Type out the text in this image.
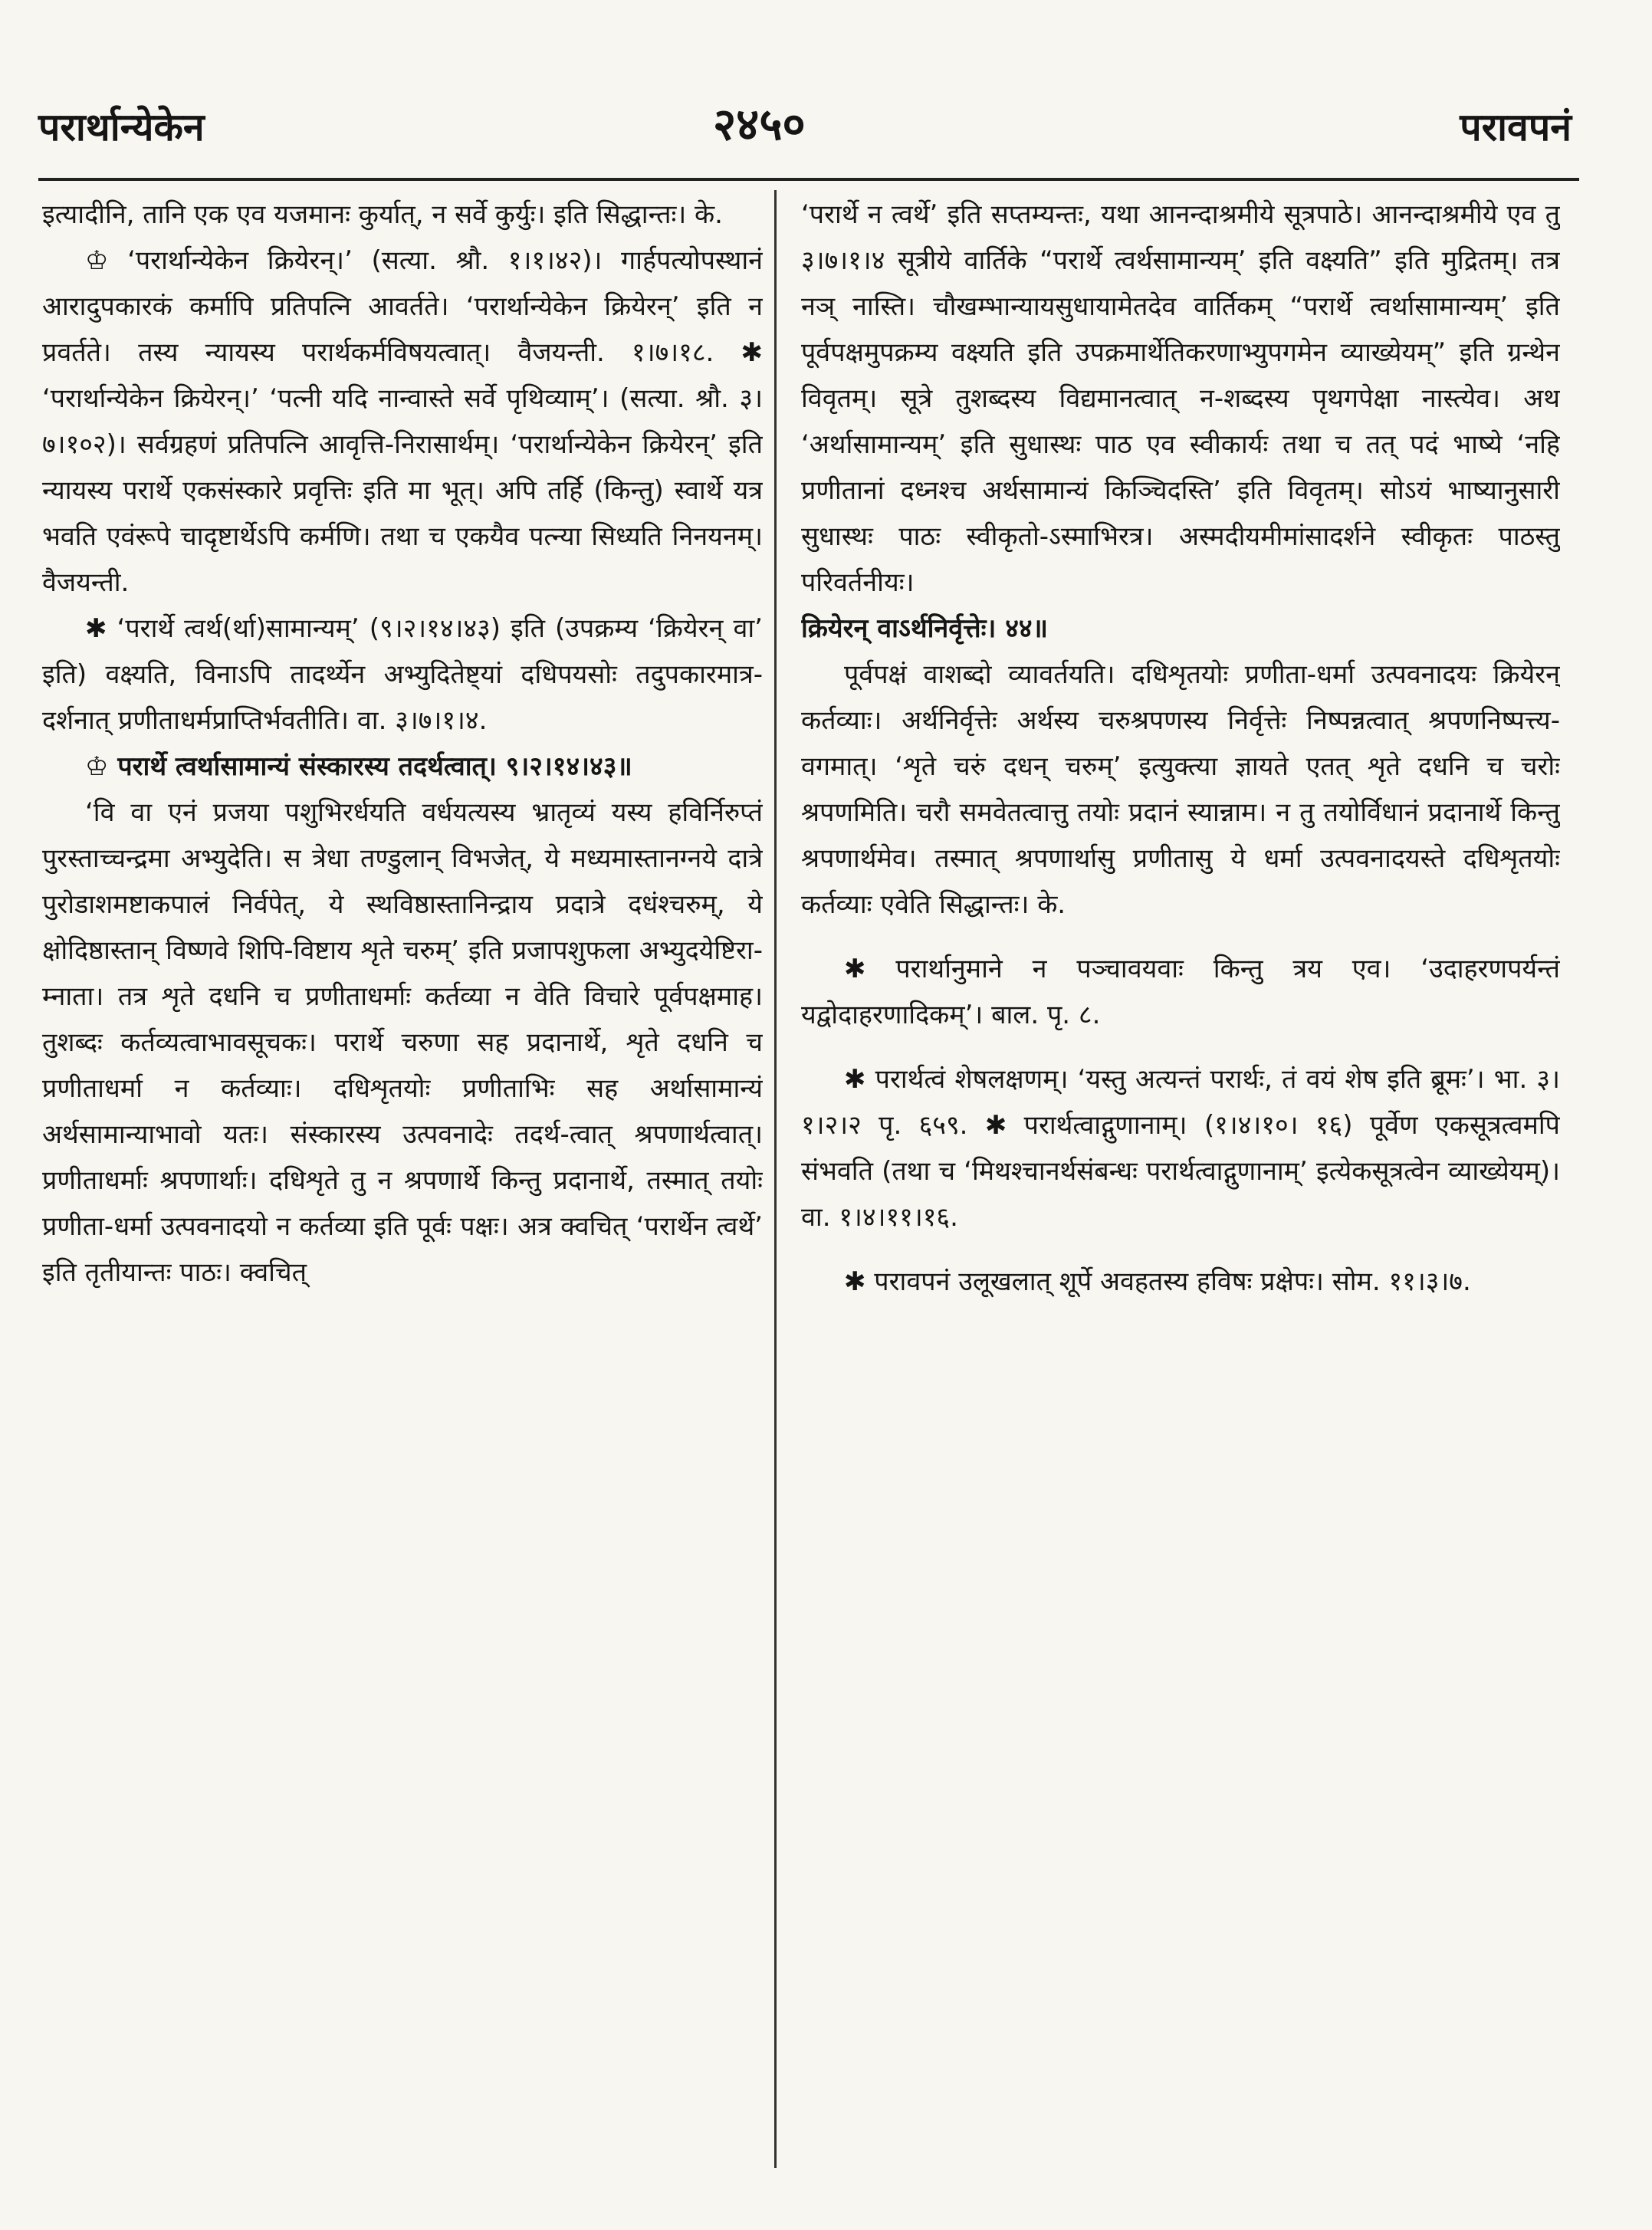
परार्थान्येकेन	२४५०	परावपनं

इत्यादीनि, तानि एक एव यजमानः कुर्यात्, न सर्वे कुर्युः। इति सिद्धान्तः। के.

♔ ‘परार्थान्येकेन क्रियेरन्।’ (सत्या. श्रौ. १।१।४२)। गार्हपत्योपस्थानं आरादुपकारकं कर्मापि प्रतिपत्नि आवर्तते। ‘परार्थान्येकेन क्रियेरन्’ इति न प्रवर्तते। तस्य न्यायस्य परार्थकर्मविषयत्वात्। वैजयन्ती. १।७।१८. ✱ ‘परार्थान्येकेन क्रियेरन्।’ ‘पत्नी यदि नान्वास्ते सर्वे पृथिव्याम्’। (सत्या. श्रौ. ३।७।१०२)। सर्वग्रहणं प्रतिपत्नि आवृत्ति-निरासार्थम्। ‘परार्थान्येकेन क्रियेरन्’ इति न्यायस्य परार्थे एकसंस्कारे प्रवृत्तिः इति मा भूत्। अपि तर्हि (किन्तु) स्वार्थे यत्र भवति एवंरूपे चादृष्टार्थेऽपि कर्मणि। तथा च एकयैव पत्न्या सिध्यति निनयनम्। वैजयन्ती.

✱ ‘परार्थे त्वर्थ(र्था)सामान्यम्’ (९।२।१४।४३) इति (उपक्रम्य ‘क्रियेरन् वा’ इति) वक्ष्यति, विनाऽपि तादर्थ्येन अभ्युदितेष्ट्यां दधिपयसोः तदुपकारमात्र-दर्शनात् प्रणीताधर्मप्राप्तिर्भवतीति। वा. ३।७।१।४.

♔ परार्थे त्वर्थासामान्यं संस्कारस्य तदर्थत्वात्। ९।२।१४।४३॥

‘वि वा एनं प्रजया पशुभिरर्धयति वर्धयत्यस्य भ्रातृव्यं यस्य हविर्निरुप्तं पुरस्ताच्चन्द्रमा अभ्युदेति। स त्रेधा तण्डुलान् विभजेत्, ये मध्यमास्तानग्नये दात्रे पुरोडाशमष्टाकपालं निर्वपेत्, ये स्थविष्ठास्तानिन्द्राय प्रदात्रे दधंश्चरुम्, ये क्षोदिष्ठास्तान् विष्णवे शिपि-विष्टाय शृते चरुम्’ इति प्रजापशुफला अभ्युदयेष्टिरा-म्नाता। तत्र शृते दधनि च प्रणीताधर्माः कर्तव्या न वेति विचारे पूर्वपक्षमाह। तुशब्दः कर्तव्यत्वाभावसूचकः। परार्थे चरुणा सह प्रदानार्थे, शृते दधनि च प्रणीताधर्मा न कर्तव्याः। दधिशृतयोः प्रणीताभिः सह अर्थासामान्यं अर्थसामान्याभावो यतः। संस्कारस्य उत्पवनादेः तदर्थ-त्वात् श्रपणार्थत्वात्। प्रणीताधर्माः श्रपणार्थाः। दधिशृते तु न श्रपणार्थे किन्तु प्रदानार्थे, तस्मात् तयोः प्रणीता-धर्मा उत्पवनादयो न कर्तव्या इति पूर्वः पक्षः। अत्र क्वचित् ‘परार्थेन त्वर्थे’ इति तृतीयान्तः पाठः। क्वचित्

‘परार्थे न त्वर्थे’ इति सप्तम्यन्तः, यथा आनन्दाश्रमीये सूत्रपाठे। आनन्दाश्रमीये एव तु ३।७।१।४ सूत्रीये वार्तिके “परार्थे त्वर्थसामान्यम्’ इति वक्ष्यति” इति मुद्रितम्। तत्र नञ् नास्ति। चौखम्भान्यायसुधायामेतदेव वार्तिकम् “परार्थे त्वर्थासामान्यम्’ इति पूर्वपक्षमुपक्रम्य वक्ष्यति इति उपक्रमार्थेतिकरणाभ्युपगमेन व्याख्येयम्” इति ग्रन्थेन विवृतम्। सूत्रे तुशब्दस्य विद्यमानत्वात् न-शब्दस्य पृथगपेक्षा नास्त्येव। अथ ‘अर्थासामान्यम्’ इति सुधास्थः पाठ एव स्वीकार्यः तथा च तत् पदं भाष्ये ‘नहि प्रणीतानां दध्नश्च अर्थसामान्यं किञ्चिदस्ति’ इति विवृतम्। सोऽयं भाष्यानुसारी सुधास्थः पाठः स्वीकृतो-ऽस्माभिरत्र। अस्मदीयमीमांसादर्शने स्वीकृतः पाठस्तु परिवर्तनीयः।

क्रियेरन् वाऽर्थनिर्वृत्तेः। ४४॥

पूर्वपक्षं वाशब्दो व्यावर्तयति। दधिशृतयोः प्रणीता-धर्मा उत्पवनादयः क्रियेरन् कर्तव्याः। अर्थनिर्वृत्तेः अर्थस्य चरुश्रपणस्य निर्वृत्तेः निष्पन्नत्वात् श्रपणनिष्पत्त्य-वगमात्। ‘शृते चरुं दधन् चरुम्’ इत्युक्त्या ज्ञायते एतत् शृते दधनि च चरोः श्रपणमिति। चरौ समवेतत्वात्तु तयोः प्रदानं स्यान्नाम। न तु तयोर्विधानं प्रदानार्थे किन्तु श्रपणार्थमेव। तस्मात् श्रपणार्थासु प्रणीतासु ये धर्मा उत्पवनादयस्ते दधिशृतयोः कर्तव्याः एवेति सिद्धान्तः। के.

✱ परार्थानुमाने न पञ्चावयवाः किन्तु त्रय एव। ‘उदाहरणपर्यन्तं यद्वोदाहरणादिकम्’। बाल. पृ. ८.

✱ परार्थत्वं शेषलक्षणम्। ‘यस्तु अत्यन्तं परार्थः, तं वयं शेष इति ब्रूमः’। भा. ३।१।२।२ पृ. ६५९. ✱ परार्थत्वाद्गुणानाम्। (१।४।१०। १६) पूर्वेण एकसूत्रत्वमपि संभवति (तथा च ‘मिथश्चानर्थसंबन्धः परार्थत्वाद्गुणानाम्’ इत्येकसूत्रत्वेन व्याख्येयम्)। वा. १।४।११।१६.

✱ परावपनं उलूखलात् शूर्पे अवहतस्य हविषः प्रक्षेपः। सोम. ११।३।७.
